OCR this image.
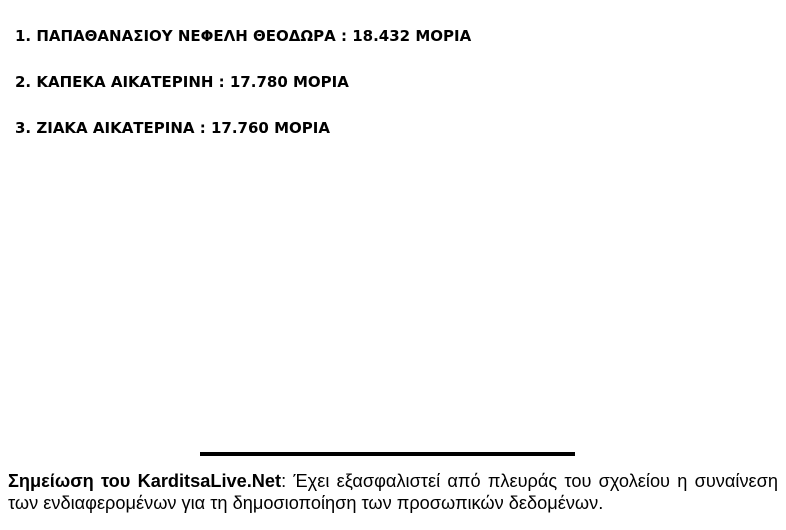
1. ΠΑΠΑΘΑΝΑΣΙΟΥ ΝΕΦΕΛΗ ΘΕΟΔΩΡΑ : 18.432 ΜΟΡΙΑ
2. ΚΑΠΕΚΑ ΑΙΚΑΤΕΡΙΝΗ : 17.780 ΜΟΡΙΑ
3. ΖΙΑΚΑ ΑΙΚΑΤΕΡΙΝΑ : 17.760 ΜΟΡΙΑ

Σημείωση του KarditsaLive.Net: Έχει εξασφαλιστεί από πλευράς του σχολείου η συναίνεση των ενδιαφερομένων για τη δημοσιοποίηση των προσωπικών δεδομένων.
